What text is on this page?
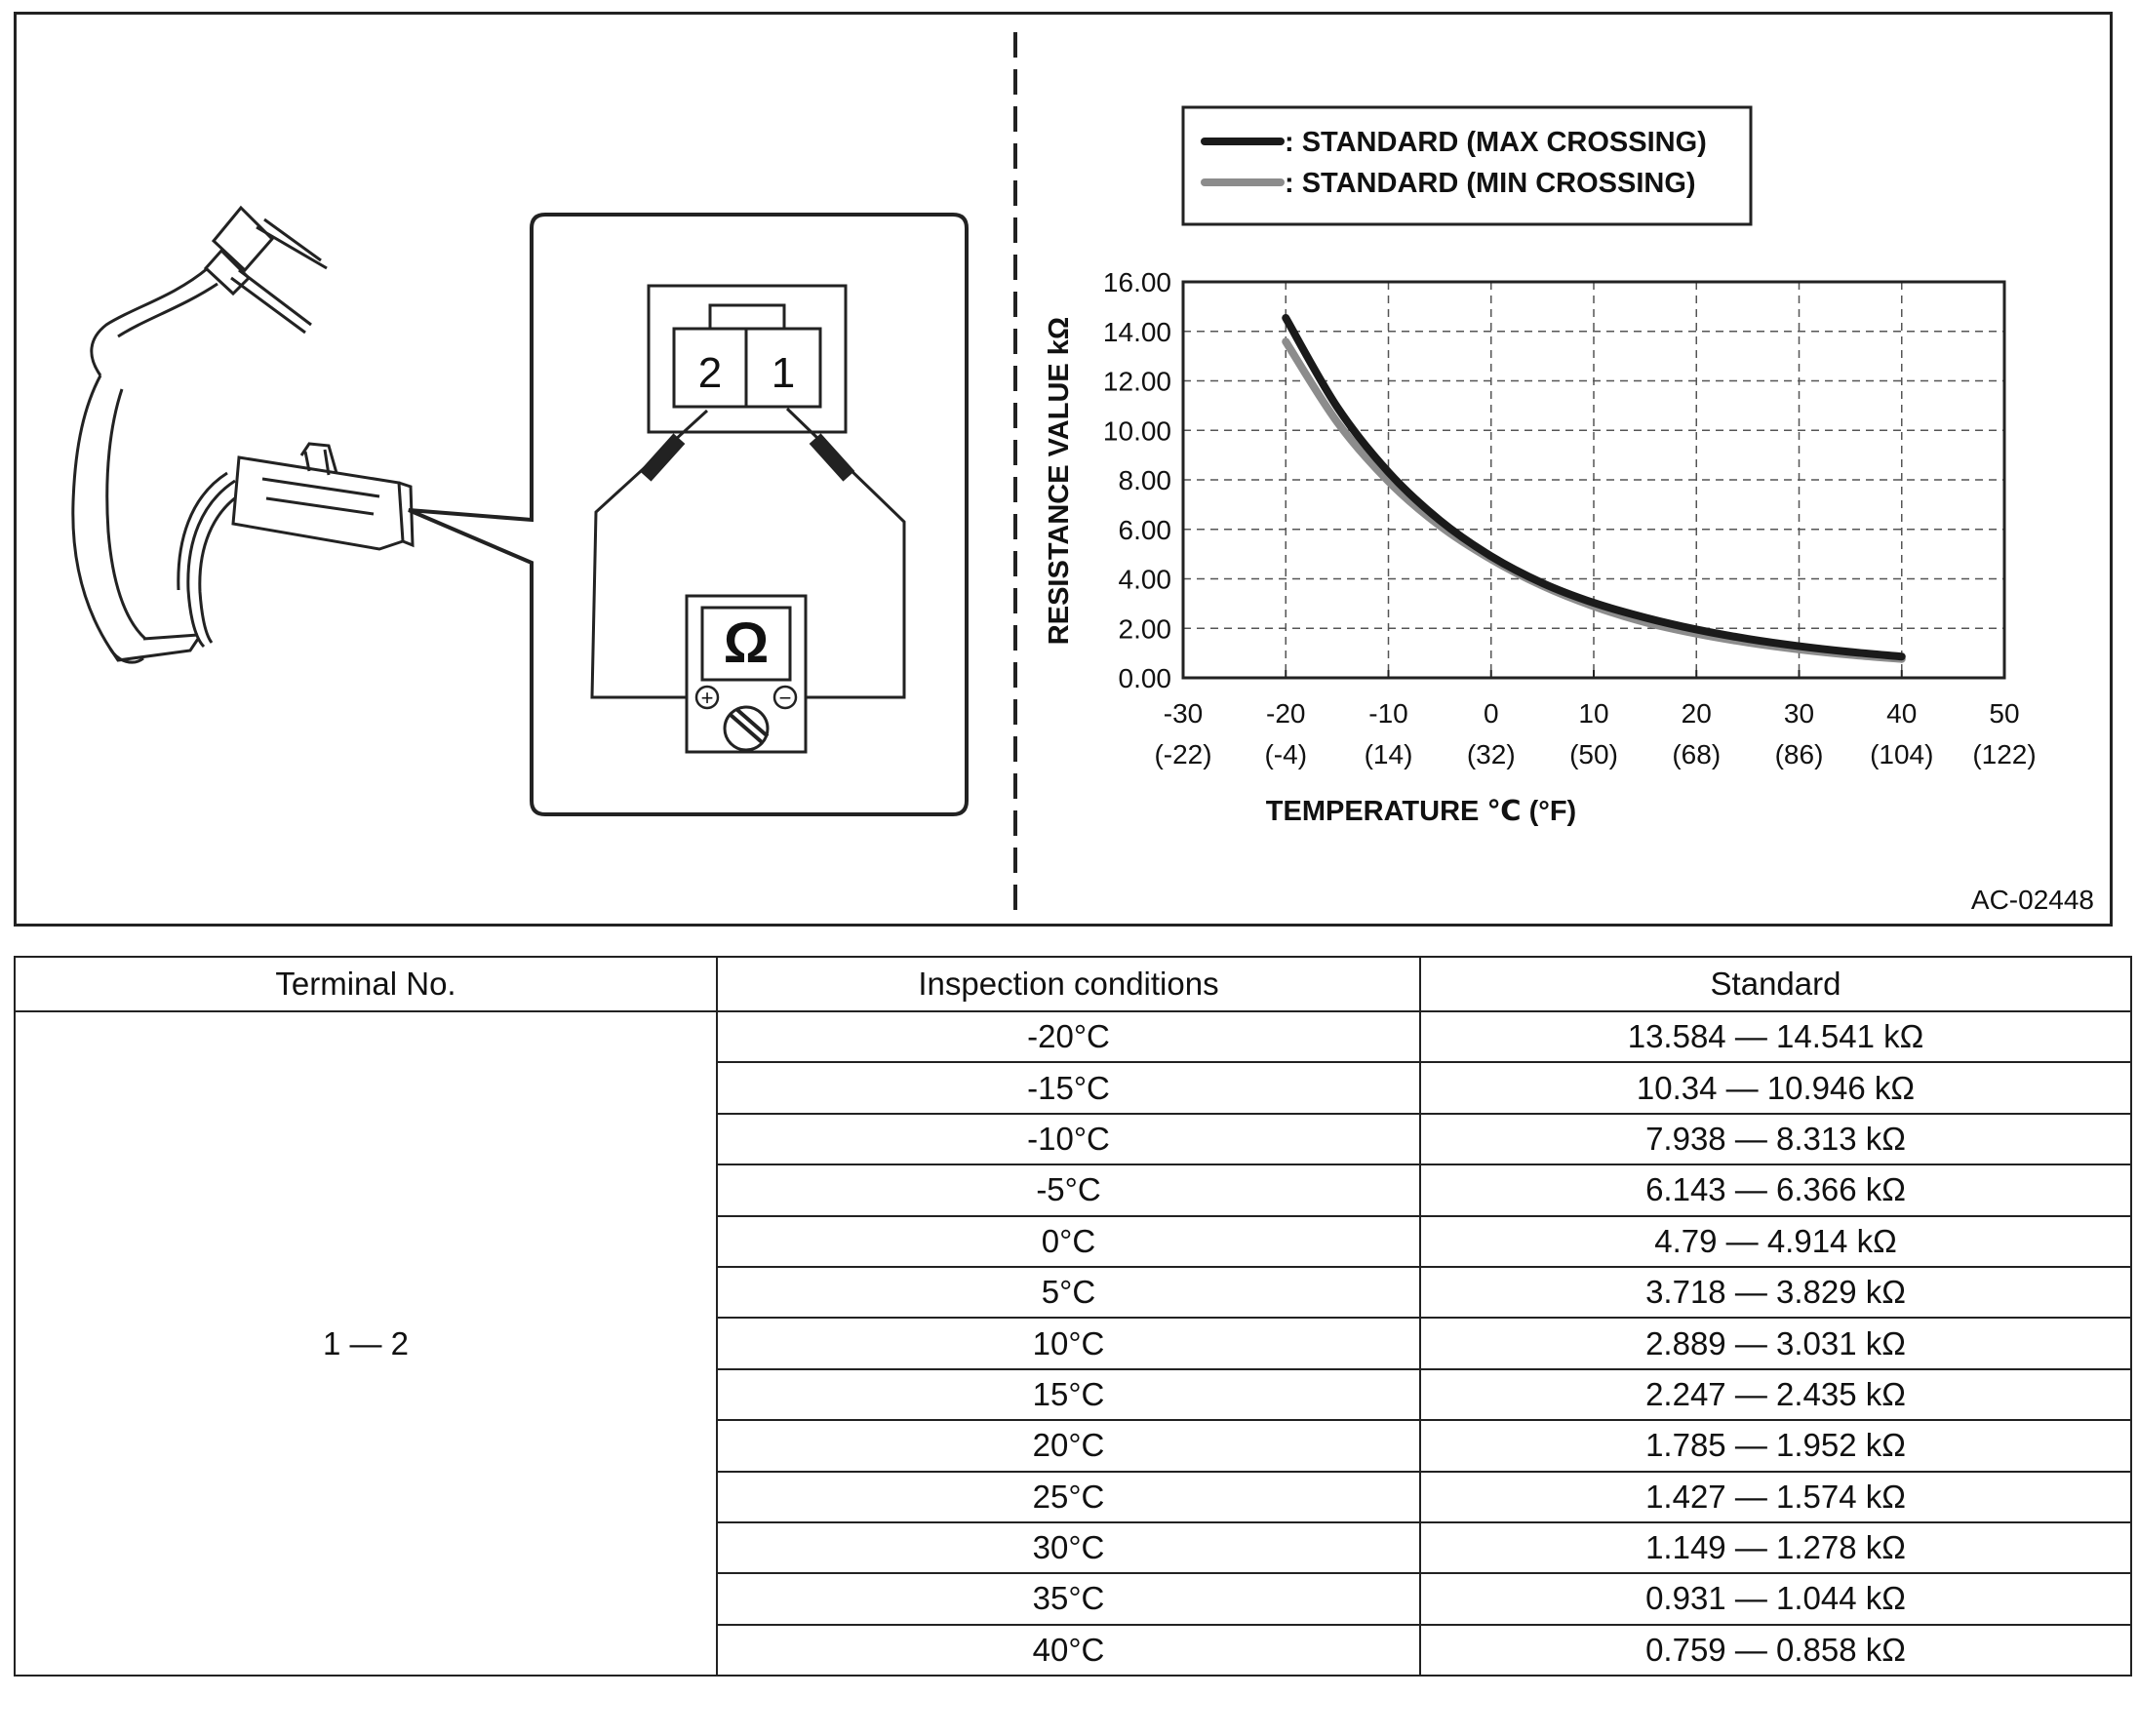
2 1
Ω
+	−
: STANDARD (MAX CROSSING)
: STANDARD (MIN CROSSING)
-30
(-22)
-20
(-4)
-10
(14)
0
(32)
10
(50)
20
(68)
30
(86)
40
(104)
50
(122)
0.00
2.00
4.00
6.00
8.00
10.00
12.00
14.00
16.00
RESISTANCE VALUE kΩ
TEMPERATURE ℃ (°F)
AC-02448
Terminal No.	Inspection conditions	Standard
1 — 2	-20°C	13.584 — 14.541 kΩ
	-15°C	10.34 — 10.946 kΩ
	-10°C	7.938 — 8.313 kΩ
	-5°C	6.143 — 6.366 kΩ
	0°C	4.79 — 4.914 kΩ
	5°C	3.718 — 3.829 kΩ
	10°C	2.889 — 3.031 kΩ
	15°C	2.247 — 2.435 kΩ
	20°C	1.785 — 1.952 kΩ
	25°C	1.427 — 1.574 kΩ
	30°C	1.149 — 1.278 kΩ
	35°C	0.931 — 1.044 kΩ
	40°C	0.759 — 0.858 kΩ
